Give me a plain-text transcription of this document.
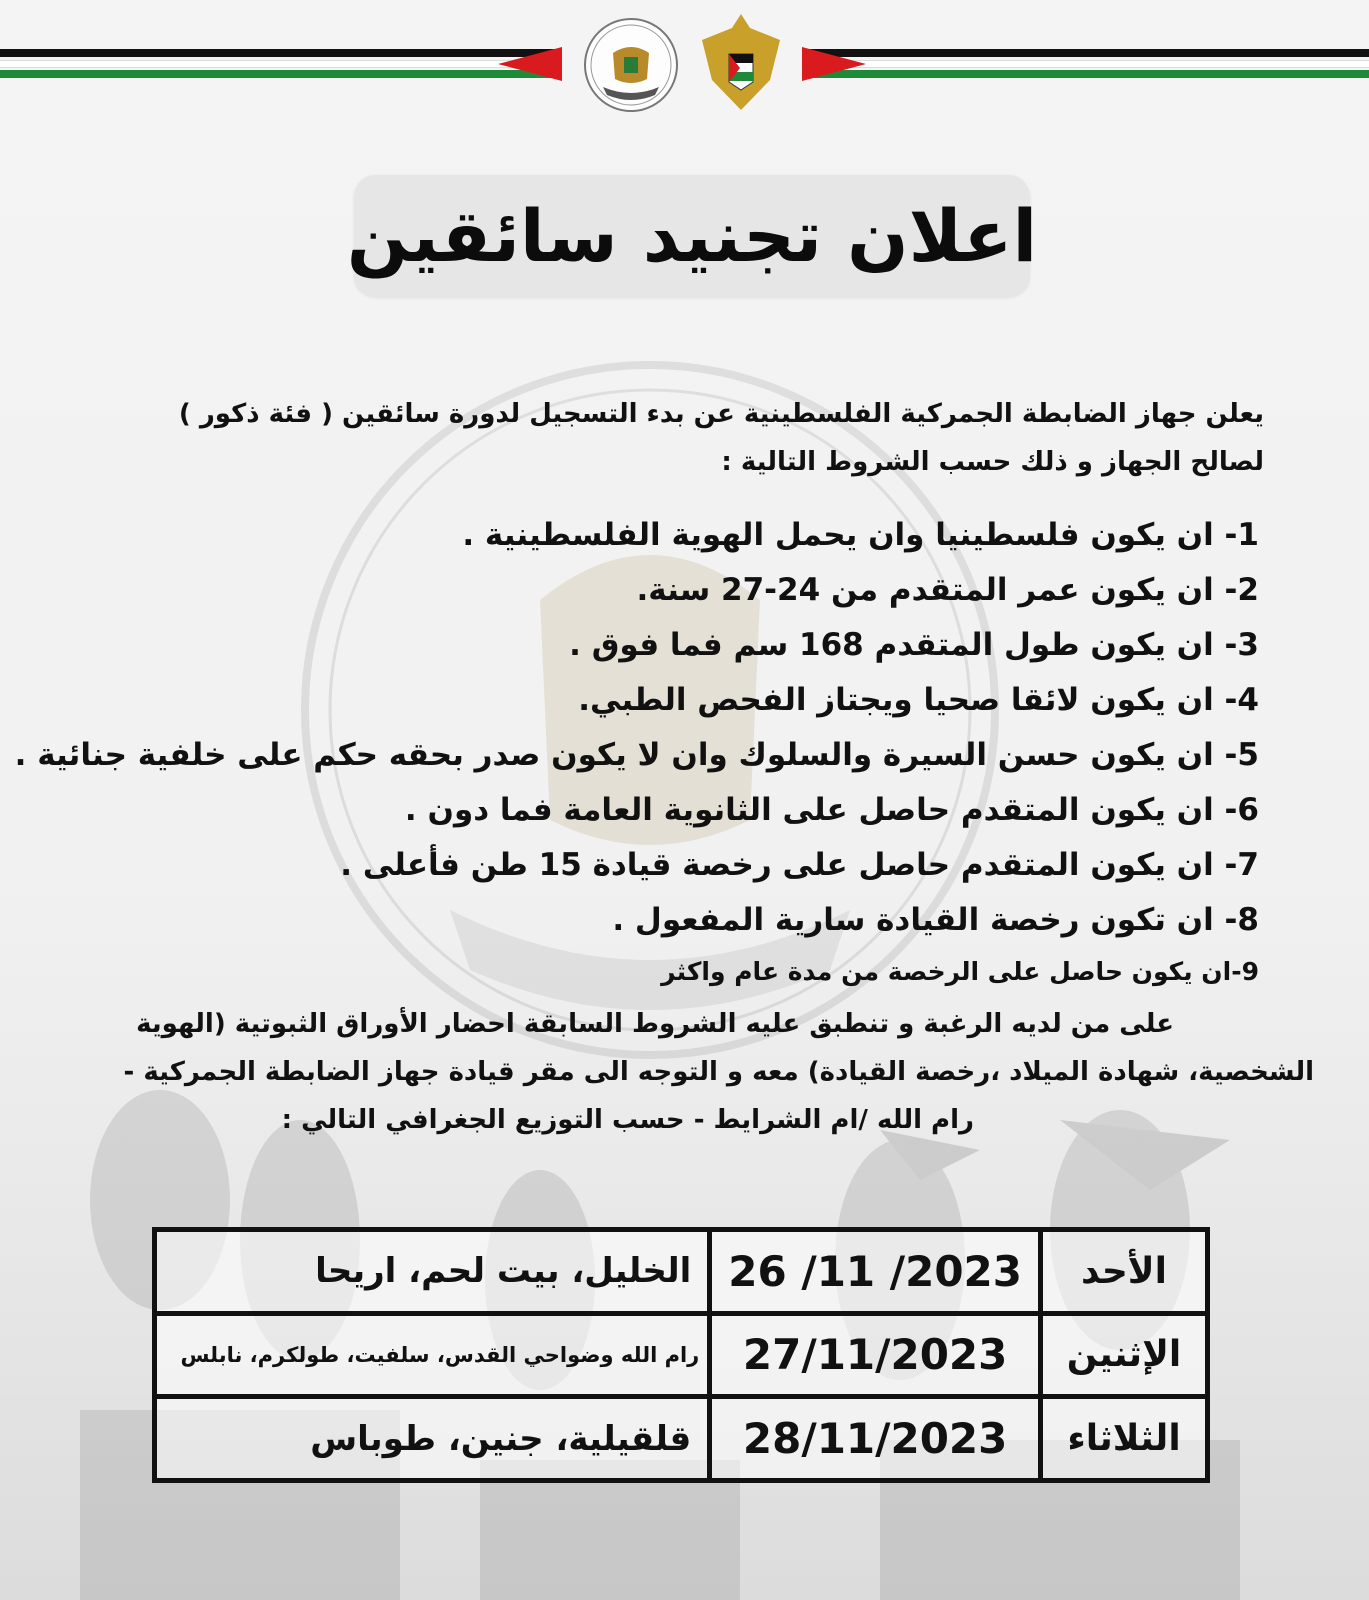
اعلان تجنيد سائقين

يعلن جهاز الضابطة الجمركية الفلسطينية عن بدء التسجيل لدورة سائقين ( فئة ذكور )

لصالح الجهاز و ذلك حسب الشروط التالية :

1- ان يكون فلسطينيا وان يحمل الهوية الفلسطينية .
2- ان يكون عمر المتقدم من 24-27 سنة.
3- ان يكون طول المتقدم 168 سم فما فوق .
4- ان يكون لائقا صحيا ويجتاز الفحص الطبي.
5- ان يكون حسن السيرة والسلوك وان لا يكون صدر بحقه حكم على خلفية جنائية .
6- ان يكون المتقدم حاصل على الثانوية العامة فما دون .
7- ان يكون المتقدم حاصل على رخصة قيادة 15 طن فأعلى .
8- ان تكون رخصة القيادة سارية المفعول .
9-ان يكون حاصل على الرخصة من مدة عام واكثر

على من لديه الرغبة و تنطبق عليه الشروط السابقة احضار الأوراق الثبوتية (الهوية

الشخصية، شهادة الميلاد ،رخصة القيادة) معه و التوجه الى مقر قيادة جهاز الضابطة الجمركية -

رام الله /ام الشرايط - حسب التوزيع الجغرافي التالي :

الأحد	26 /11 /2023	الخليل، بيت لحم، اريحا
الإثنين	27/11/2023	رام الله وضواحي القدس، سلفيت، طولكرم، نابلس
الثلاثاء	28/11/2023	قلقيلية، جنين، طوباس
